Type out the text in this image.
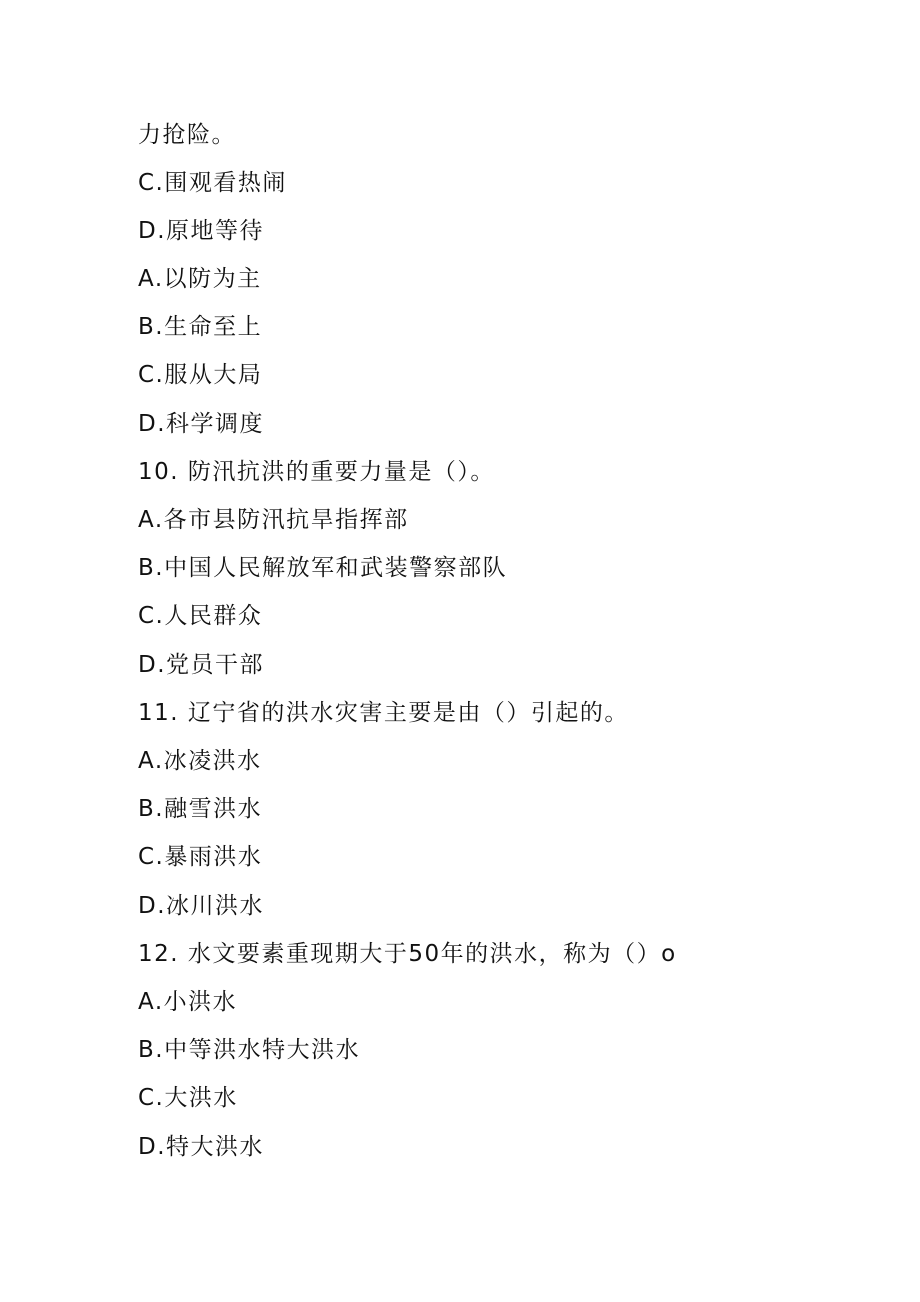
力抢险。
C.围观看热闹
D.原地等待
A.以防为主
B.生命至上
C.服从大局
D.科学调度
10. 防汛抗洪的重要力量是（）。
A.各市县防汛抗旱指挥部
B.中国人民解放军和武装警察部队
C.人民群众
D.党员干部
11. 辽宁省的洪水灾害主要是由（）引起的。
A.冰凌洪水
B.融雪洪水
C.暴雨洪水
D.冰川洪水
12. 水文要素重现期大于50年的洪水，称为（）o
A.小洪水
B.中等洪水特大洪水
C.大洪水
D.特大洪水
